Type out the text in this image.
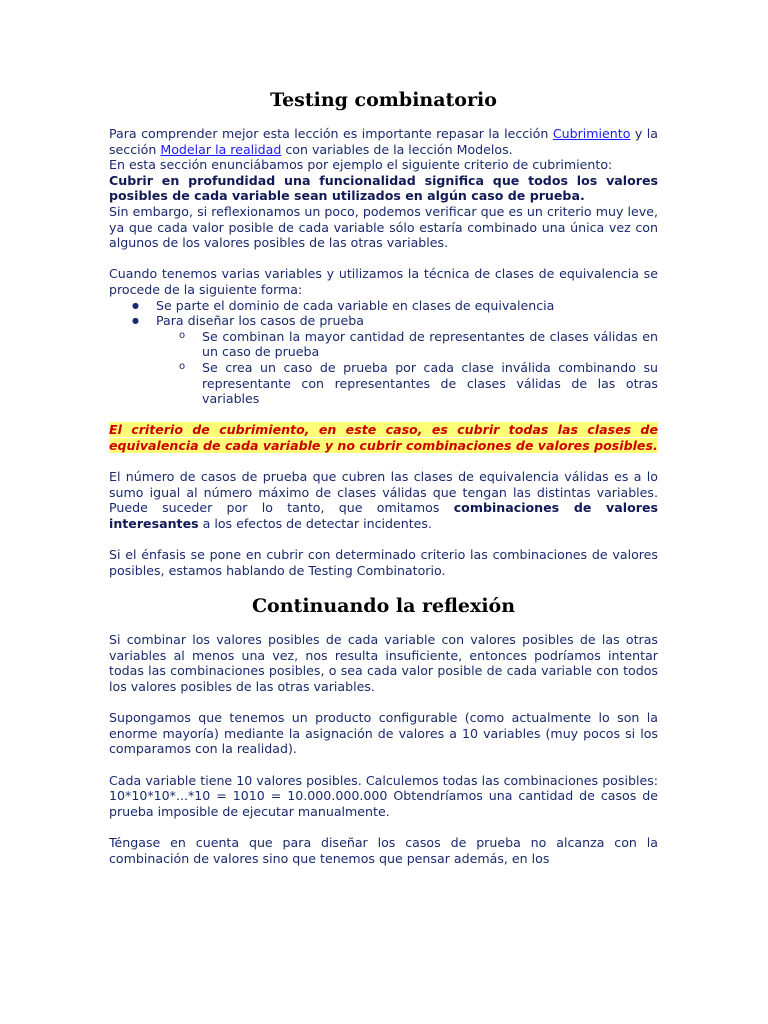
Testing combinatorio

Para comprender mejor esta lección es importante repasar la lección Cubrimiento y la sección Modelar la realidad con variables de la lección Modelos.

En esta sección enunciábamos por ejemplo el siguiente criterio de cubrimiento:

Cubrir en profundidad una funcionalidad significa que todos los valores posibles de cada variable sean utilizados en algún caso de prueba.

Sin embargo, si reflexionamos un poco, podemos verificar que es un criterio muy leve, ya que cada valor posible de cada variable sólo estaría combinado una única vez con algunos de los valores posibles de las otras variables.

Cuando tenemos varias variables y utilizamos la técnica de clases de equivalencia se procede de la siguiente forma:

● Se parte el dominio de cada variable en clases de equivalencia
● Para diseñar los casos de prueba
o Se combinan la mayor cantidad de representantes de clases válidas en un caso de prueba
o Se crea un caso de prueba por cada clase inválida combinando su representante con representantes de clases válidas de las otras variables

El criterio de cubrimiento, en este caso, es cubrir todas las clases de equivalencia de cada variable y no cubrir combinaciones de valores posibles.

El número de casos de prueba que cubren las clases de equivalencia válidas es a lo sumo igual al número máximo de clases válidas que tengan las distintas variables. Puede suceder por lo tanto, que omitamos combinaciones de valores interesantes a los efectos de detectar incidentes.

Si el énfasis se pone en cubrir con determinado criterio las combinaciones de valores posibles, estamos hablando de Testing Combinatorio.

Continuando la reflexión

Si combinar los valores posibles de cada variable con valores posibles de las otras variables al menos una vez, nos resulta insuficiente, entonces podríamos intentar todas las combinaciones posibles, o sea cada valor posible de cada variable con todos los valores posibles de las otras variables.

Supongamos que tenemos un producto configurable (como actualmente lo son la enorme mayoría) mediante la asignación de valores a 10 variables (muy pocos si los comparamos con la realidad).

Cada variable tiene 10 valores posibles. Calculemos todas las combinaciones posibles: 10*10*10*...*10 = 1010 = 10.000.000.000 Obtendríamos una cantidad de casos de prueba imposible de ejecutar manualmente.

Téngase en cuenta que para diseñar los casos de prueba no alcanza con la combinación de valores sino que tenemos que pensar además, en los
